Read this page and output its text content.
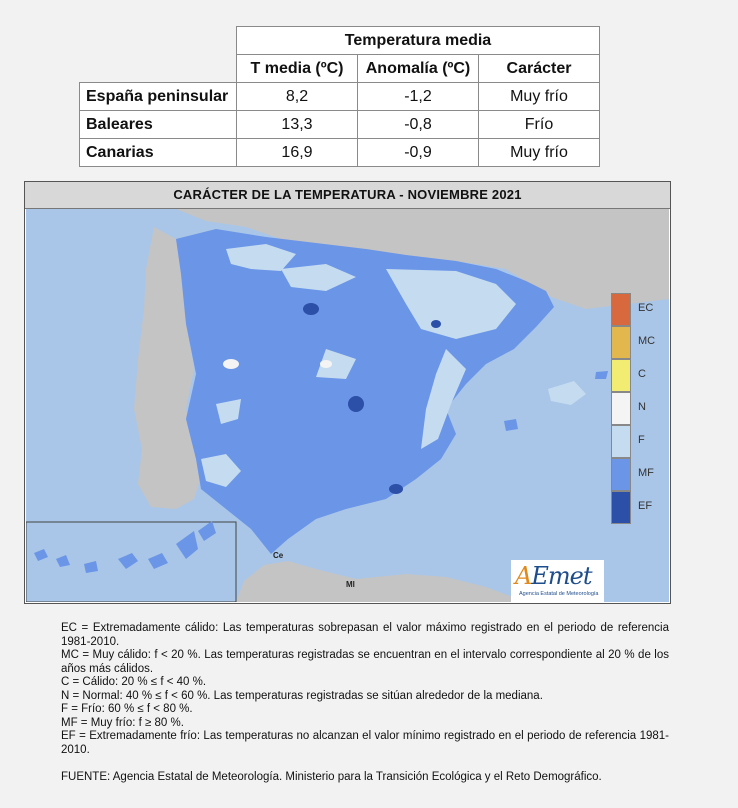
	Temperatura media		
	T media (ºC)	Anomalía (ºC)	Carácter
España peninsular	8,2	-1,2	Muy frío
Baleares	13,3	-0,8	Frío
Canarias	16,9	-0,9	Muy frío
CARÁCTER DE LA TEMPERATURA - NOVIEMBRE 2021
Ce
Ml
EC
MC
C
N
F
MF
EF
AEmet
Agencia Estatal de Meteorología

EC = Extremadamente cálido: Las temperaturas sobrepasan el valor máximo registrado en el periodo de referencia 1981-2010.

MC = Muy cálido: f < 20 %. Las temperaturas registradas se encuentran en el intervalo correspondiente al 20 % de los años más cálidos.

C = Cálido: 20 % ≤ f < 40 %.

N = Normal: 40 % ≤ f < 60 %. Las temperaturas registradas se sitúan alrededor de la mediana.

F = Frío: 60 % ≤ f < 80 %.

MF = Muy frío: f ≥ 80 %.

EF = Extremadamente frío: Las temperaturas no alcanzan el valor mínimo registrado en el periodo de referencia 1981-2010.

FUENTE: Agencia Estatal de Meteorología. Ministerio para la Transición Ecológica y el Reto Demográfico.
